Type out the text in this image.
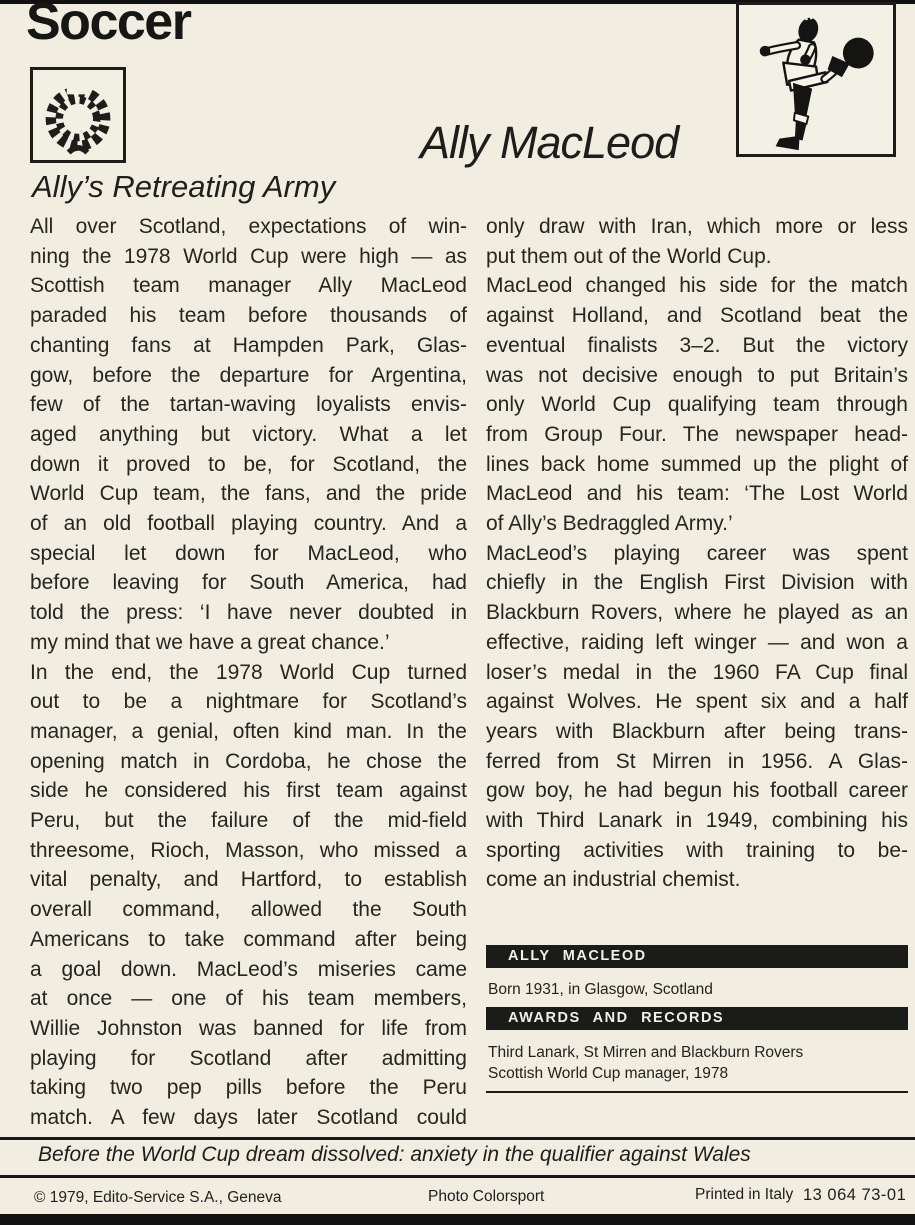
Soccer
Ally MacLeod
Ally’s Retreating Army
All over Scotland, expectations of win-
ning the 1978 World Cup were high — as
Scottish team manager Ally MacLeod
paraded his team before thousands of
chanting fans at Hampden Park, Glas-
gow, before the departure for Argentina,
few of the tartan-waving loyalists envis-
aged anything but victory. What a let
down it proved to be, for Scotland, the
World Cup team, the fans, and the pride
of an old football playing country. And a
special let down for MacLeod, who
before leaving for South America, had
told the press: ‘I have never doubted in
my mind that we have a great chance.’
In the end, the 1978 World Cup turned
out to be a nightmare for Scotland’s
manager, a genial, often kind man. In the
opening match in Cordoba, he chose the
side he considered his first team against
Peru, but the failure of the mid-field
threesome, Rioch, Masson, who missed a
vital penalty, and Hartford, to establish
overall command, allowed the South
Americans to take command after being
a goal down. MacLeod’s miseries came
at once — one of his team members,
Willie Johnston was banned for life from
playing for Scotland after admitting
taking two pep pills before the Peru
match. A few days later Scotland could
only draw with Iran, which more or less
put them out of the World Cup.
MacLeod changed his side for the match
against Holland, and Scotland beat the
eventual finalists 3–2. But the victory
was not decisive enough to put Britain’s
only World Cup qualifying team through
from Group Four. The newspaper head-
lines back home summed up the plight of
MacLeod and his team: ‘The Lost World
of Ally’s Bedraggled Army.’
MacLeod’s playing career was spent
chiefly in the English First Division with
Blackburn Rovers, where he played as an
effective, raiding left winger — and won a
loser’s medal in the 1960 FA Cup final
against Wolves. He spent six and a half
years with Blackburn after being trans-
ferred from St Mirren in 1956. A Glas-
gow boy, he had begun his football career
with Third Lanark in 1949, combining his
sporting activities with training to be-
come an industrial chemist.
ALLY MACLEOD
Born 1931, in Glasgow, Scotland
AWARDS AND RECORDS
Third Lanark, St Mirren and Blackburn Rovers
Scottish World Cup manager, 1978
Before the World Cup dream dissolved: anxiety in the qualifier against Wales
© 1979, Edito-Service S.A., Geneva	Photo Colorsport	Printed in Italy 13 064 73-01
